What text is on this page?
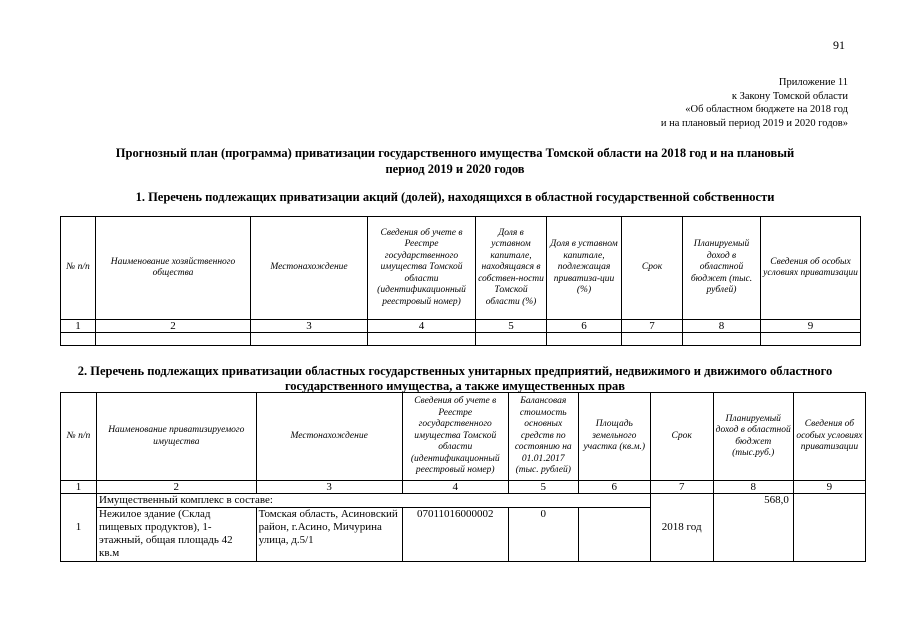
91
Приложение 11
к Закону Томской области
«Об областном бюджете на 2018 год
и на плановый период 2019 и 2020 годов»
Прогнозный план (программа) приватизации государственного имущества Томской области на 2018 год и на плановый
период 2019 и 2020 годов
1. Перечень подлежащих приватизации акций (долей), находящихся в областной государственной собственности
№ п/п	Наименование хозяйственного общества	Местонахождение	Сведения об учете в Реестре государственного имущества Томской области (идентификационный реестровый номер)	Доля в уставном капитале, находящаяся в собствен-ности Томской области (%)	Доля в уставном капитале, подлежащая приватиза-ции (%)	Срок	Планируемый доход в областной бюджет (тыс. рублей)	Сведения об особых условиях приватизации
1	2	3	4	5	6	7	8	9

2. Перечень подлежащих приватизации областных государственных унитарных предприятий, недвижимого и движимого областного
государственного имущества, а также имущественных прав
№ п/п	Наименование приватизируемого имущества	Местонахождение	Сведения об учете в Реестре государственного имущества Томской области (идентификационный реестровый номер)	Балансовая стоимость основных средств по состоянию на 01.01.2017 (тыс. рублей)	Площадь земельного участка (кв.м.)	Срок	Планируемый доход в областной бюджет (тыс.руб.)	Сведения об особых условиях приватизации
1	2	3	4	5	6	7	8	9
1	Имущественный комплекс в составе:					2018 год	568,0	
	Нежилое здание (Склад пищевых продуктов), 1-этажный, общая площадь 42 кв.м	Томская область, Асиновский район, г.Асино, Мичурина улица, д.5/1	07011016000002	0				
